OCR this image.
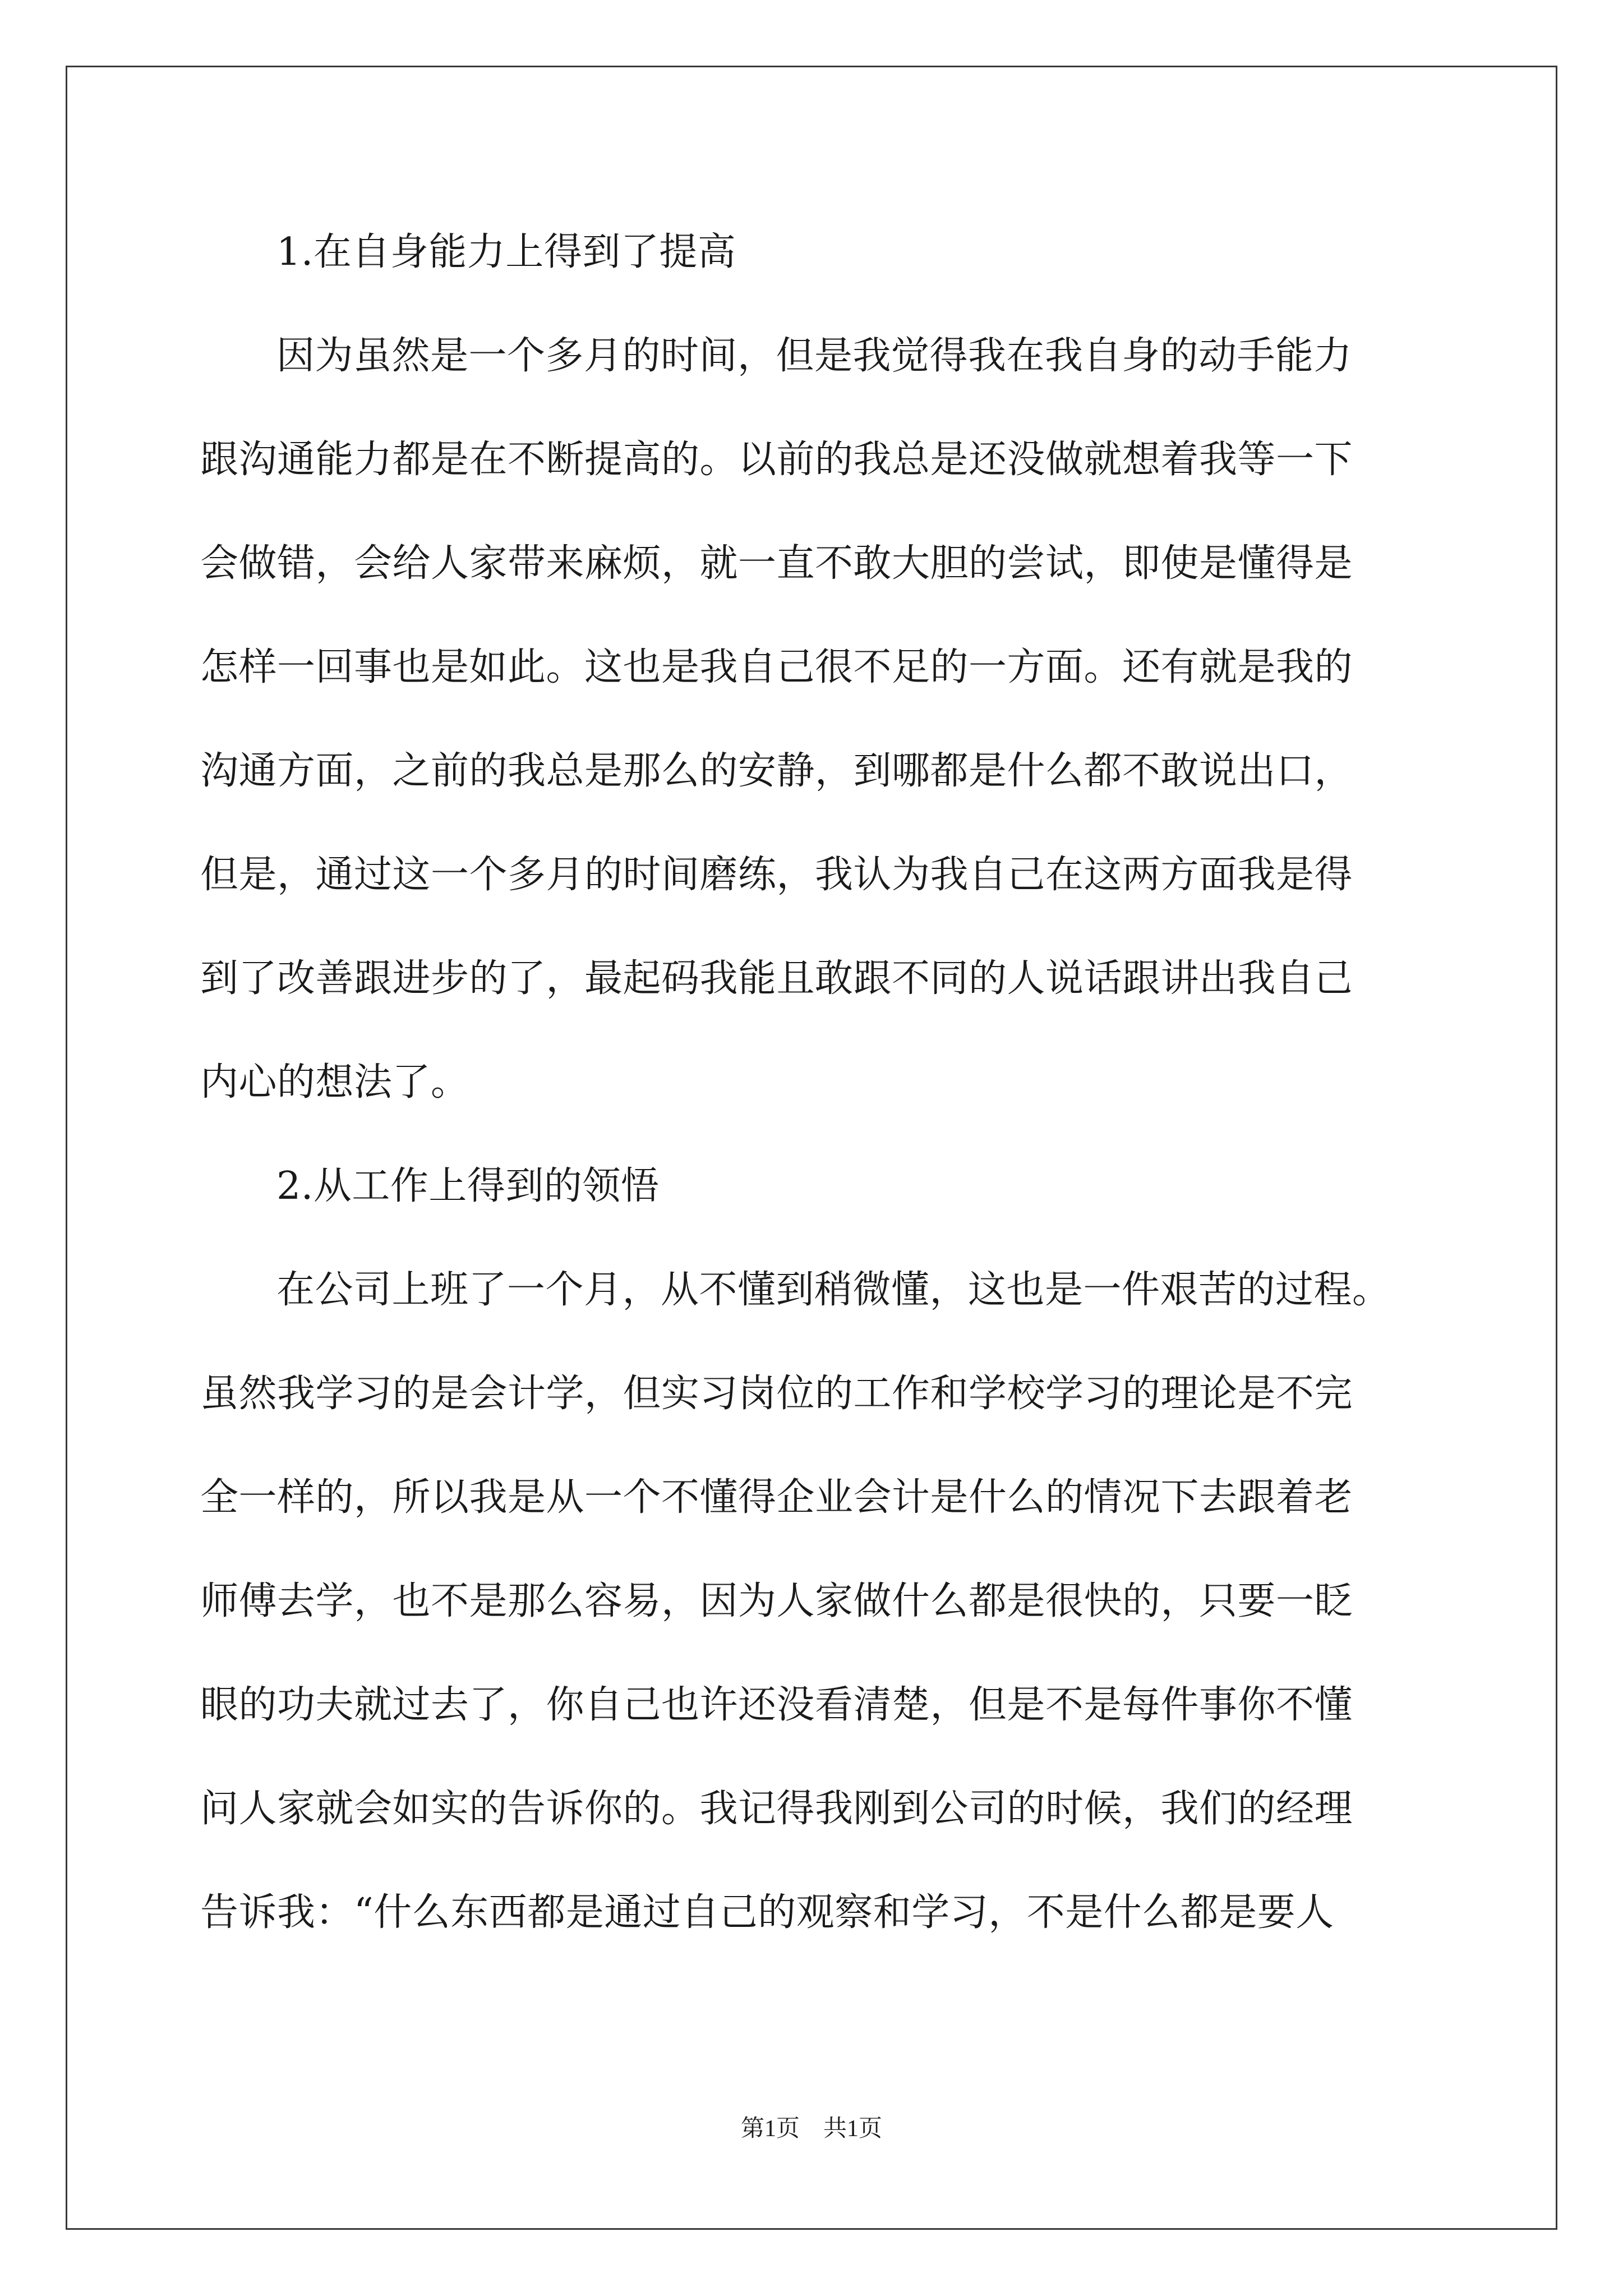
1.在自身能力上得到了提高
因为虽然是一个多月的时间，但是我觉得我在我自身的动手能力
跟沟通能力都是在不断提高的。以前的我总是还没做就想着我等一下
会做错，会给人家带来麻烦，就一直不敢大胆的尝试，即使是懂得是
怎样一回事也是如此。这也是我自己很不足的一方面。还有就是我的
沟通方面，之前的我总是那么的安静，到哪都是什么都不敢说出口，
但是，通过这一个多月的时间磨练，我认为我自己在这两方面我是得
到了改善跟进步的了，最起码我能且敢跟不同的人说话跟讲出我自己
内心的想法了。
2.从工作上得到的领悟
在公司上班了一个月，从不懂到稍微懂，这也是一件艰苦的过程。
虽然我学习的是会计学，但实习岗位的工作和学校学习的理论是不完
全一样的，所以我是从一个不懂得企业会计是什么的情况下去跟着老
师傅去学，也不是那么容易，因为人家做什么都是很快的，只要一眨
眼的功夫就过去了，你自己也许还没看清楚，但是不是每件事你不懂
问人家就会如实的告诉你的。我记得我刚到公司的时候，我们的经理
告诉我：“什么东西都是通过自己的观察和学习，不是什么都是要人
第1页　共1页
